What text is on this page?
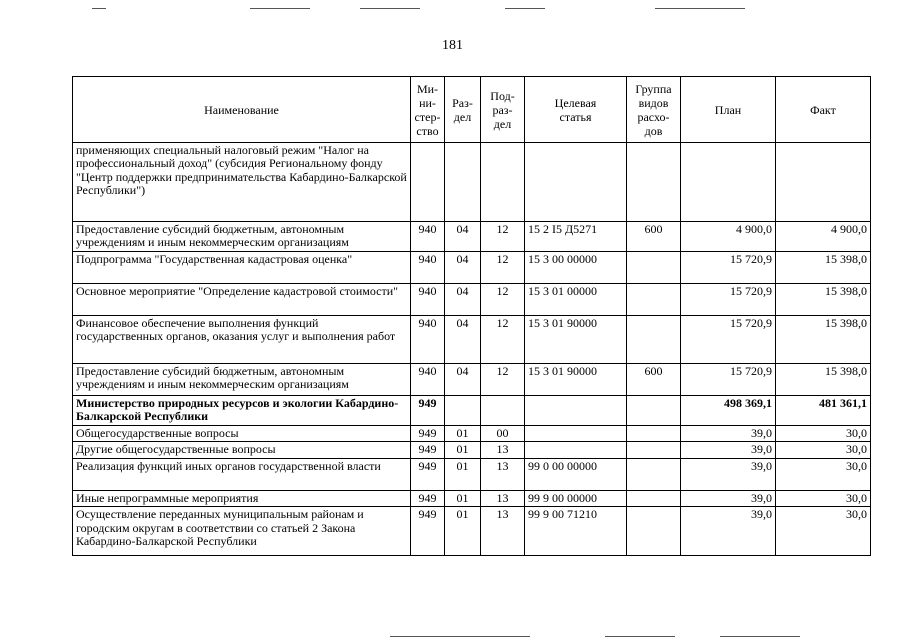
181
Наименование	Ми-
ни-
стер-
ство	Раз-
дел	Под-
раз-
дел	Целевая
статья	Группа
видов
расхо-
дов	План	Факт
применяющих специальный налоговый режим "Налог на профессиональный доход" (субсидия Региональному фонду "Центр поддержки предпринимательства Кабардино-Балкарской Республики")							
Предоставление субсидий бюджетным, автономным учреждениям и иным некоммерческим организациям	940	04	12	15 2 I5 Д5271	600	4 900,0	4 900,0
Подпрограмма "Государственная кадастровая оценка"	940	04	12	15 3 00 00000		15 720,9	15 398,0
Основное мероприятие "Определение кадастровой стоимости"	940	04	12	15 3 01 00000		15 720,9	15 398,0
Финансовое обеспечение выполнения функций государственных органов, оказания услуг и выполнения работ	940	04	12	15 3 01 90000		15 720,9	15 398,0
Предоставление субсидий бюджетным, автономным учреждениям и иным некоммерческим организациям	940	04	12	15 3 01 90000	600	15 720,9	15 398,0
Министерство природных ресурсов и экологии Кабардино-Балкарской Республики	949					498 369,1	481 361,1
Общегосударственные вопросы	949	01	00			39,0	30,0
Другие общегосударственные вопросы	949	01	13			39,0	30,0
Реализация функций иных органов государственной власти	949	01	13	99 0 00 00000		39,0	30,0
Иные непрограммные мероприятия	949	01	13	99 9 00 00000		39,0	30,0
Осуществление переданных муниципальным районам и городским округам в соответствии со статьей 2 Закона Кабардино-Балкарской Республики	949	01	13	99 9 00 71210		39,0	30,0
